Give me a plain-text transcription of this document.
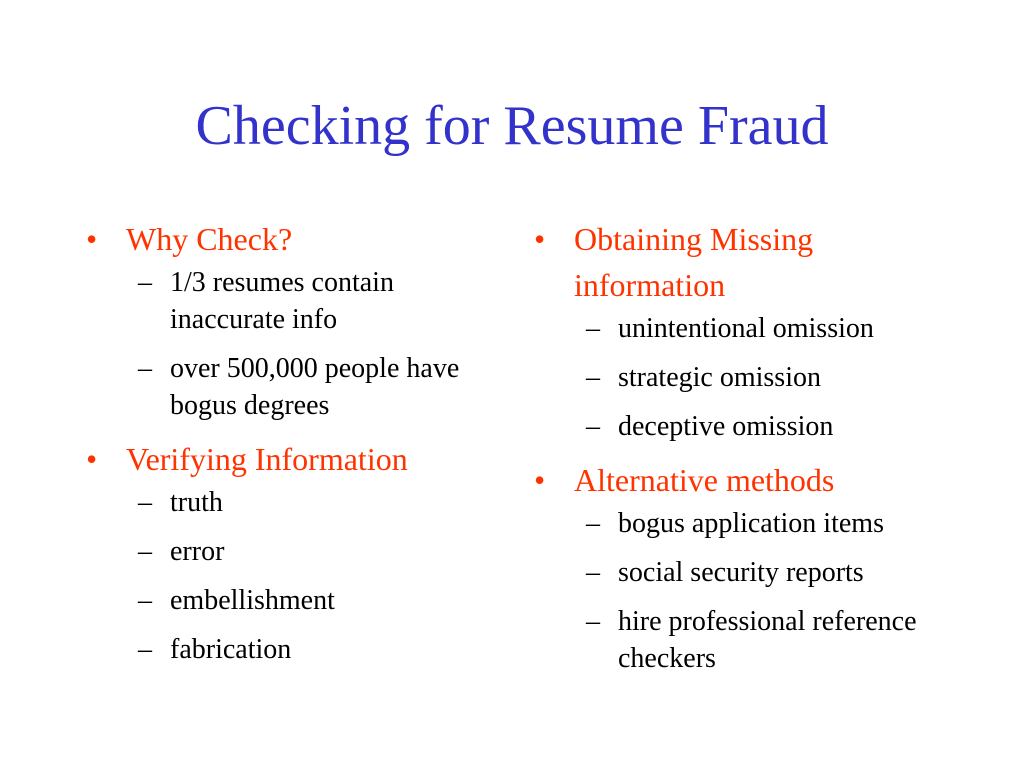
Checking for Resume Fraud
• Why Check?
– 1/3 resumes contain inaccurate info
– over 500,000 people have bogus degrees
• Verifying Information
– truth
– error
– embellishment
– fabrication
• Obtaining Missing information
– unintentional omission
– strategic omission
– deceptive omission
• Alternative methods
– bogus application items
– social security reports
– hire professional reference checkers
